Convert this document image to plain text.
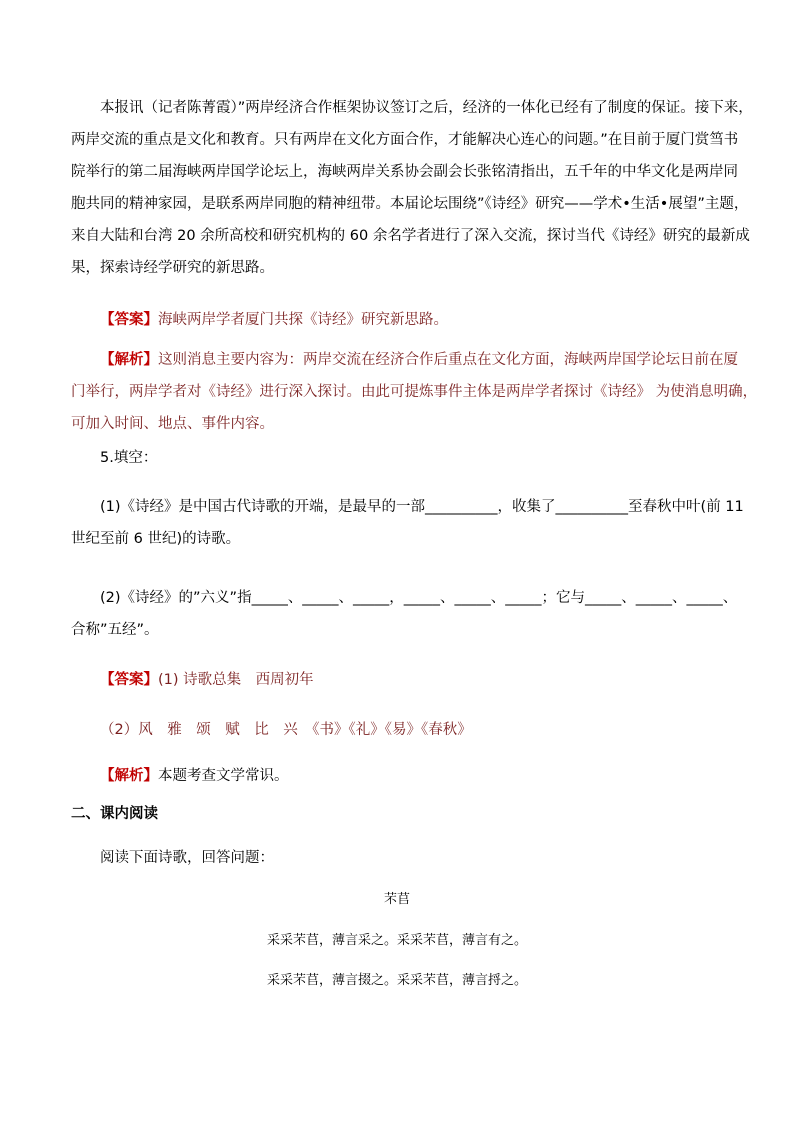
本报讯（记者陈菁霞）”两岸经济合作框架协议签订之后，经济的一体化已经有了制度的保证。接下来，
两岸交流的重点是文化和教育。只有两岸在文化方面合作，才能解决心连心的问题。”在目前于厦门赏筜书
院举行的第二届海峡两岸国学论坛上，海峡两岸关系协会副会长张铭清指出，五千年的中华文化是两岸同
胞共同的精神家园，是联系两岸同胞的精神纽带。本届论坛围绕”《诗经》研究——学术•生活•展望”主题，
来自大陆和台湾 20 余所高校和研究机构的 60 余名学者进行了深入交流，探讨当代《诗经》研究的最新成
果，探索诗经学研究的新思路。
【答案】海峡两岸学者厦门共探《诗经》研究新思路。
【解析】这则消息主要内容为：两岸交流在经济合作后重点在文化方面，海峡两岸国学论坛日前在厦
门举行，两岸学者对《诗经》进行深入探讨。由此可提炼事件主体是两岸学者探讨《诗经》 为使消息明确，
可加入时间、地点、事件内容。
5.填空：
(1)《诗经》是中国古代诗歌的开端，是最早的一部__________，收集了__________至春秋中叶(前 11
世纪至前 6 世纪)的诗歌。
(2)《诗经》的”六义”指_____、_____、_____，_____、_____、_____；它与_____、_____、_____、
合称”五经”。
【答案】(1) 诗歌总集　西周初年
（2）风　雅　颂　赋　比　兴　《书》《礼》《易》《春秋》
【解析】本题考查文学常识。
二、课内阅读
阅读下面诗歌，回答问题：
芣苢
采采芣苢，薄言采之。采采芣苢，薄言有之。
采采芣苢，薄言掇之。采采芣苢，薄言捋之。
